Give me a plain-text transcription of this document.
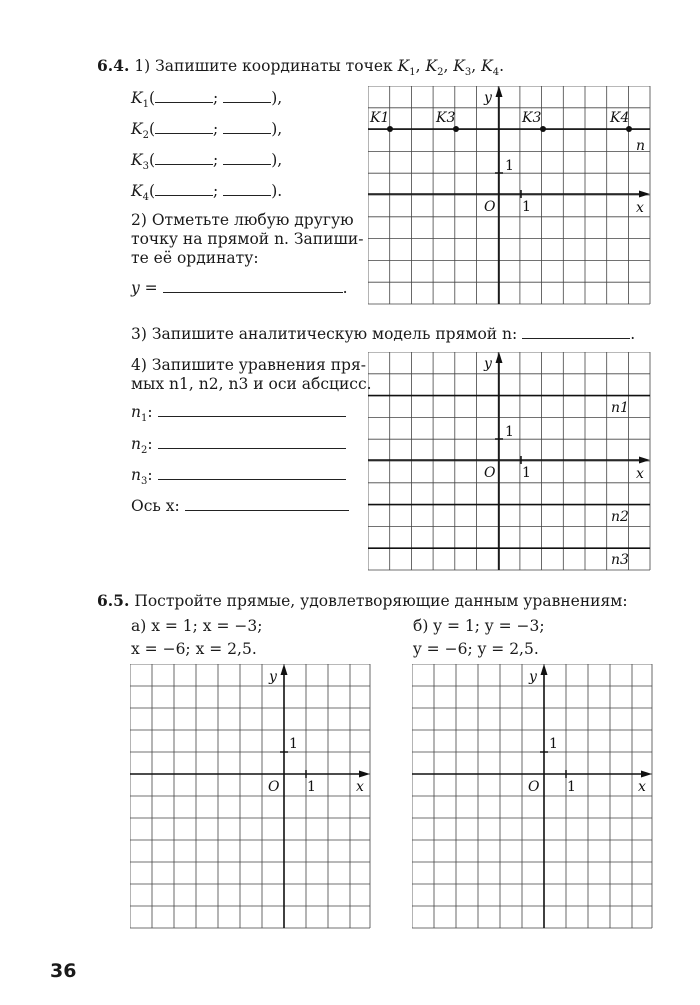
6.4. 1) Запишите координаты точек $K_1$, $K_2$, $K_3$, $K_4$.
$K_1$(	;	),
$K_2$(	;	),
$K_3$(	;	),
$K_4$(	;	).
2) Отметьте любую другую
точку на прямой n. Запиши-
те её ординату:
y =	.
3) Запишите аналитическую модель прямой n:	.
4) Запишите уравнения пря-
мых n1, n2, n3 и оси абсцисс.
$n_1$:
$n_2$:
$n_3$:
Ось x:
6.5. Постройте прямые, удовлетворяющие данным уравнениям:
а) x = 1; x = −3;
x = −6; x = 2,5.
б) y = 1; y = −3;
y = −6; y = 2,5.
36
K1	K3	K3	K4
n
y
x
O
1
1
n1
n2
n3
y
x
O
1
1
y
x
O
1
1
y
x
O
1
1
